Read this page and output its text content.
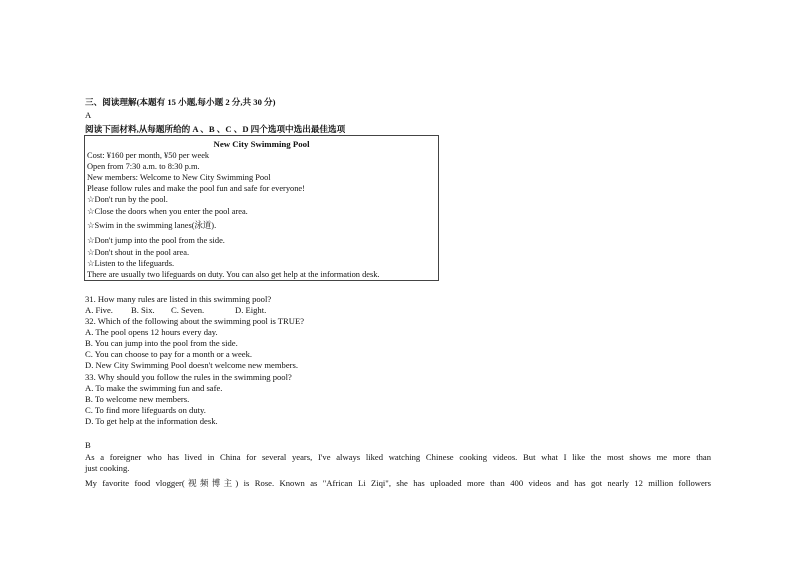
三、阅读理解(本题有 15 小题,每小题 2 分,共 30 分)
A
阅读下面材料,从每题所给的 A 、B 、C 、D 四个选项中选出最佳选项
New City Swimming Pool
Cost: ¥160 per month, ¥50 per week
Open from 7:30 a.m. to 8:30 p.m.
New members: Welcome to New City Swimming Pool
Please follow rules and make the pool fun and safe for everyone!
☆Don't run by the pool.
☆Close the doors when you enter the pool area.
☆Swim in the swimming lanes(泳道).
☆Don't jump into the pool from the side.
☆Don't shout in the pool area.
☆Listen to the lifeguards.
There are usually two lifeguards on duty. You can also get help at the information desk.
31. How many rules are listed in this swimming pool?
A. Five. B. Six. C. Seven.	D. Eight.
32. Which of the following about the swimming pool is TRUE?
A. The pool opens 12 hours every day.
B. You can jump into the pool from the side.
C. You can choose to pay for a month or a week.
D. New City Swimming Pool doesn't welcome new members.
33. Why should you follow the rules in the swimming pool?
A. To make the swimming fun and safe.
B. To welcome new members.
C. To find more lifeguards on duty.
D. To get help at the information desk.
B
As a foreigner who has lived in China for several years, I've always liked watching Chinese cooking videos. But what I like the most shows me more than
just cooking.
My favorite food vlogger(视频博主) is Rose. Known as "African Li Ziqi", she has uploaded more than 400 videos and has got nearly 12 million followers
